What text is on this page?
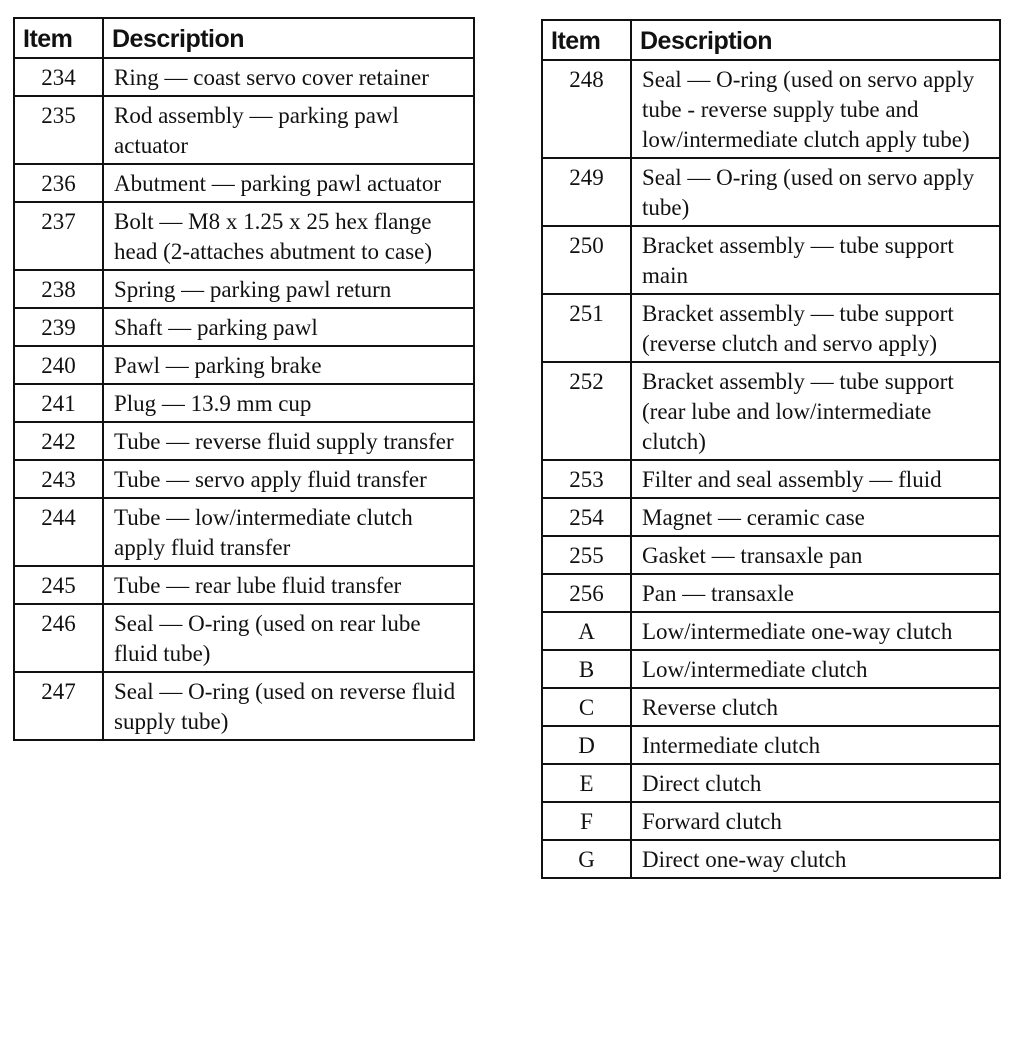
Item	Description
234	Ring — coast servo cover retainer
235	Rod assembly — parking pawl actuator
236	Abutment — parking pawl actuator
237	Bolt — M8 x 1.25 x 25 hex flange head (2-attaches abutment to case)
238	Spring — parking pawl return
239	Shaft — parking pawl
240	Pawl — parking brake
241	Plug — 13.9 mm cup
242	Tube — reverse fluid supply transfer
243	Tube — servo apply fluid transfer
244	Tube — low/intermediate clutch apply fluid transfer
245	Tube — rear lube fluid transfer
246	Seal — O-ring (used on rear lube fluid tube)
247	Seal — O-ring (used on reverse fluid supply tube)
Item	Description
248	Seal — O-ring (used on servo apply tube - reverse supply tube and low/intermediate clutch apply tube)
249	Seal — O-ring (used on servo apply tube)
250	Bracket assembly — tube support main
251	Bracket assembly — tube support (reverse clutch and servo apply)
252	Bracket assembly — tube support (rear lube and low/intermediate clutch)
253	Filter and seal assembly — fluid
254	Magnet — ceramic case
255	Gasket — transaxle pan
256	Pan — transaxle
A	Low/intermediate one-way clutch
B	Low/intermediate clutch
C	Reverse clutch
D	Intermediate clutch
E	Direct clutch
F	Forward clutch
G	Direct one-way clutch
